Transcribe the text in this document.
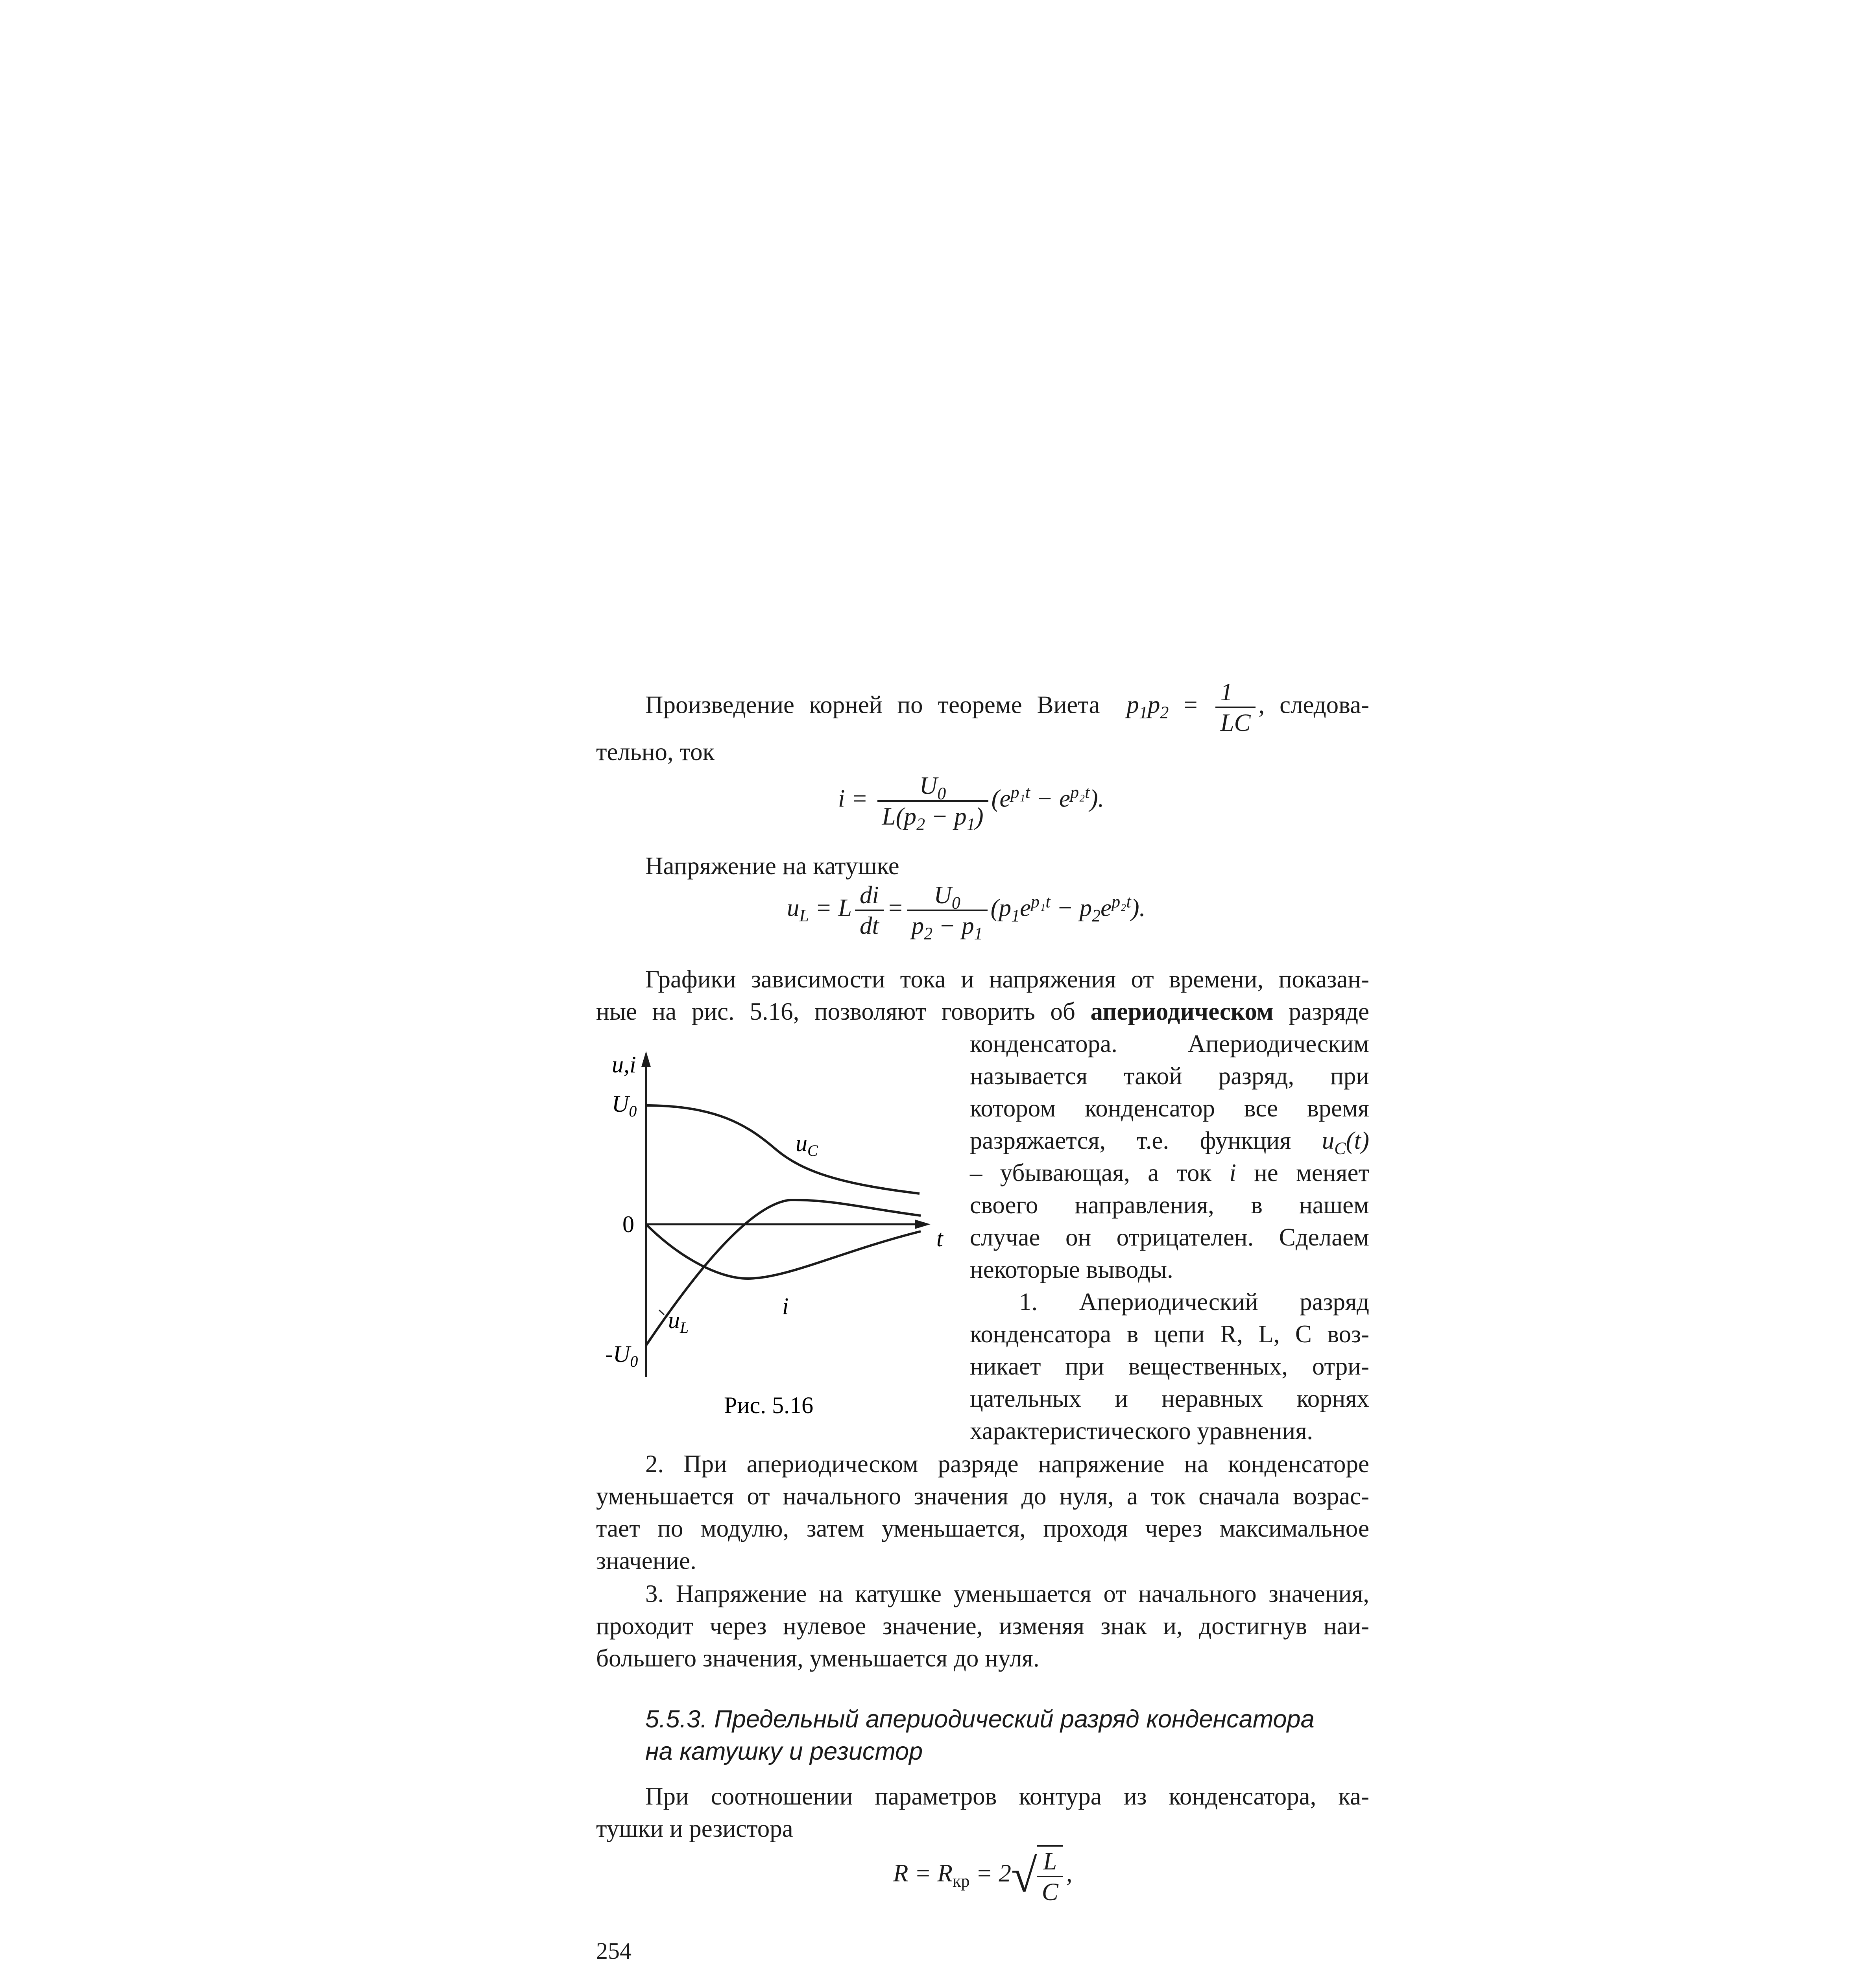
Произведение корней по теореме Виета $p_1p_2 = \frac{1}{LC}$ , следова-
тельно, ток
$i = \frac{U_0}{L(p_2 - p_1)} (e^{p_1t} - e^{p_2t})$.
Напряжение на катушке
$u_L = L \frac{di}{dt} = \frac{U_0}{p_2 - p_1} (p_1e^{p_1t} - p_2e^{p_2t})$.
Графики зависимости тока и напряжения от времени, показан-
ные на рис. 5.16, позволяют говорить об апериодическом разряде
конденсатора. Апериодическим
называется такой разряд, при
котором конденсатор все время
разряжается, т.е. функция $u_C(t)$
– убывающая, а ток i не меняет
своего направления, в нашем
случае он отрицателен. Сделаем
некоторые выводы.
1. Апериодический разряд
конденсатора в цепи R, L, C воз-
никает при вещественных, отри-
цательных и неравных корнях
характеристического уравнения.
u,i
$U_0$
0
$-U_0$
t
$u_C$
i
$u_L$
Рис. 5.16
2. При апериодическом разряде напряжение на конденсаторе
уменьшается от начального значения до нуля, а ток сначала возрас-
тает по модулю, затем уменьшается, проходя через максимальное
значение.
3. Напряжение на катушке уменьшается от начального значения,
проходит через нулевое значение, изменяя знак и, достигнув наи-
большего значения, уменьшается до нуля.
5.5.3. Предельный апериодический разряд конденсатора
на катушку и резистор
При соотношении параметров контура из конденсатора, ка-
тушки и резистора
$R = R_{кр} = 2√ \frac{L}{C}$ ,
254
